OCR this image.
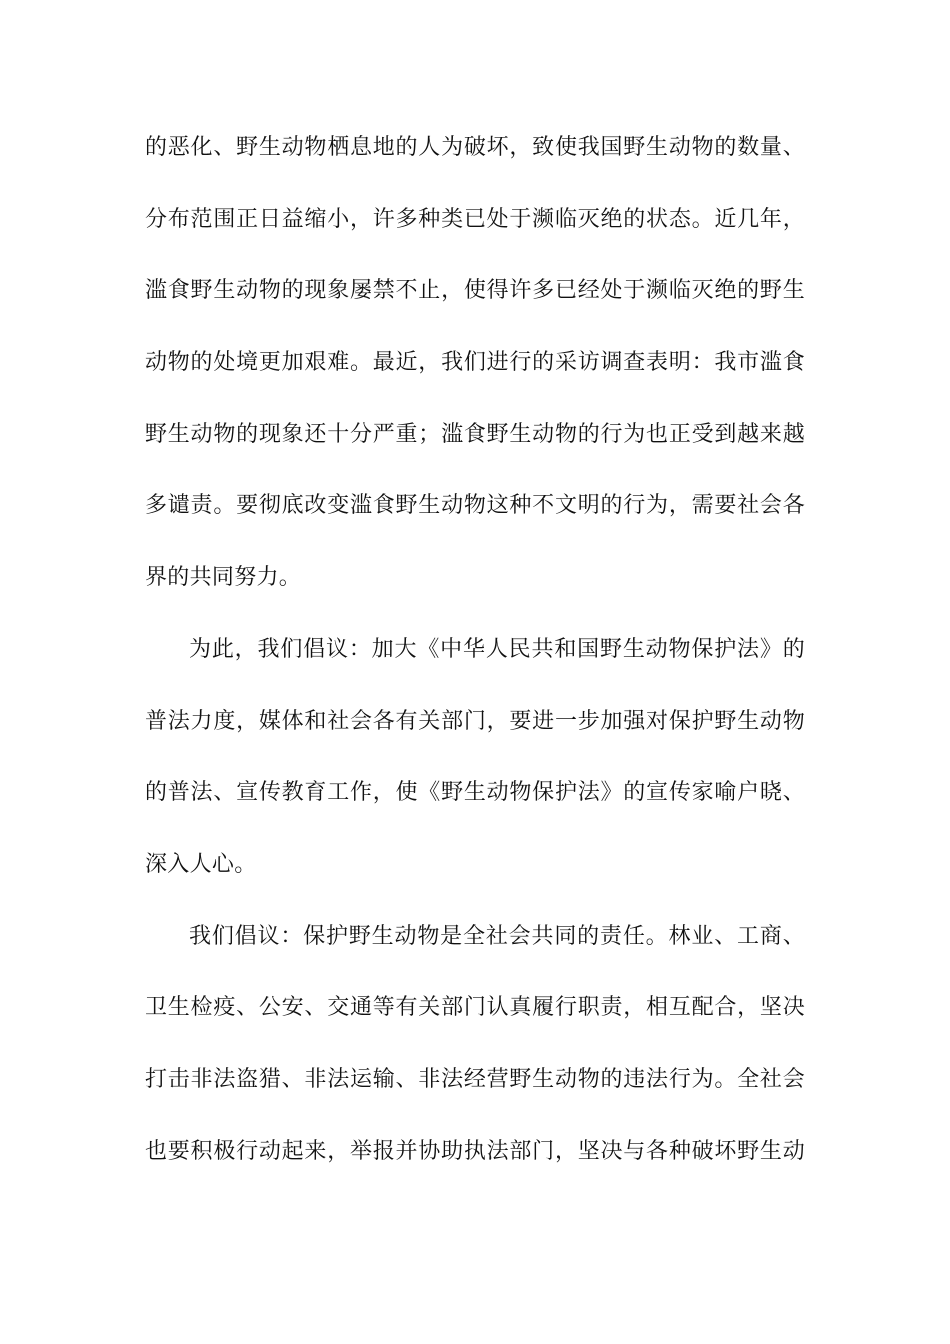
的恶化、野生动物栖息地的人为破坏，致使我国野生动物的数量、
分布范围正日益缩小，许多种类已处于濒临灭绝的状态。近几年，
滥食野生动物的现象屡禁不止，使得许多已经处于濒临灭绝的野生
动物的处境更加艰难。最近，我们进行的采访调查表明：我市滥食
野生动物的现象还十分严重；滥食野生动物的行为也正受到越来越
多谴责。要彻底改变滥食野生动物这种不文明的行为，需要社会各
界的共同努力。
为此，我们倡议：加大《中华人民共和国野生动物保护法》的
普法力度，媒体和社会各有关部门，要进一步加强对保护野生动物
的普法、宣传教育工作，使《野生动物保护法》的宣传家喻户晓、
深入人心。
我们倡议：保护野生动物是全社会共同的责任。林业、工商、
卫生检疫、公安、交通等有关部门认真履行职责，相互配合，坚决
打击非法盗猎、非法运输、非法经营野生动物的违法行为。全社会
也要积极行动起来，举报并协助执法部门，坚决与各种破坏野生动
